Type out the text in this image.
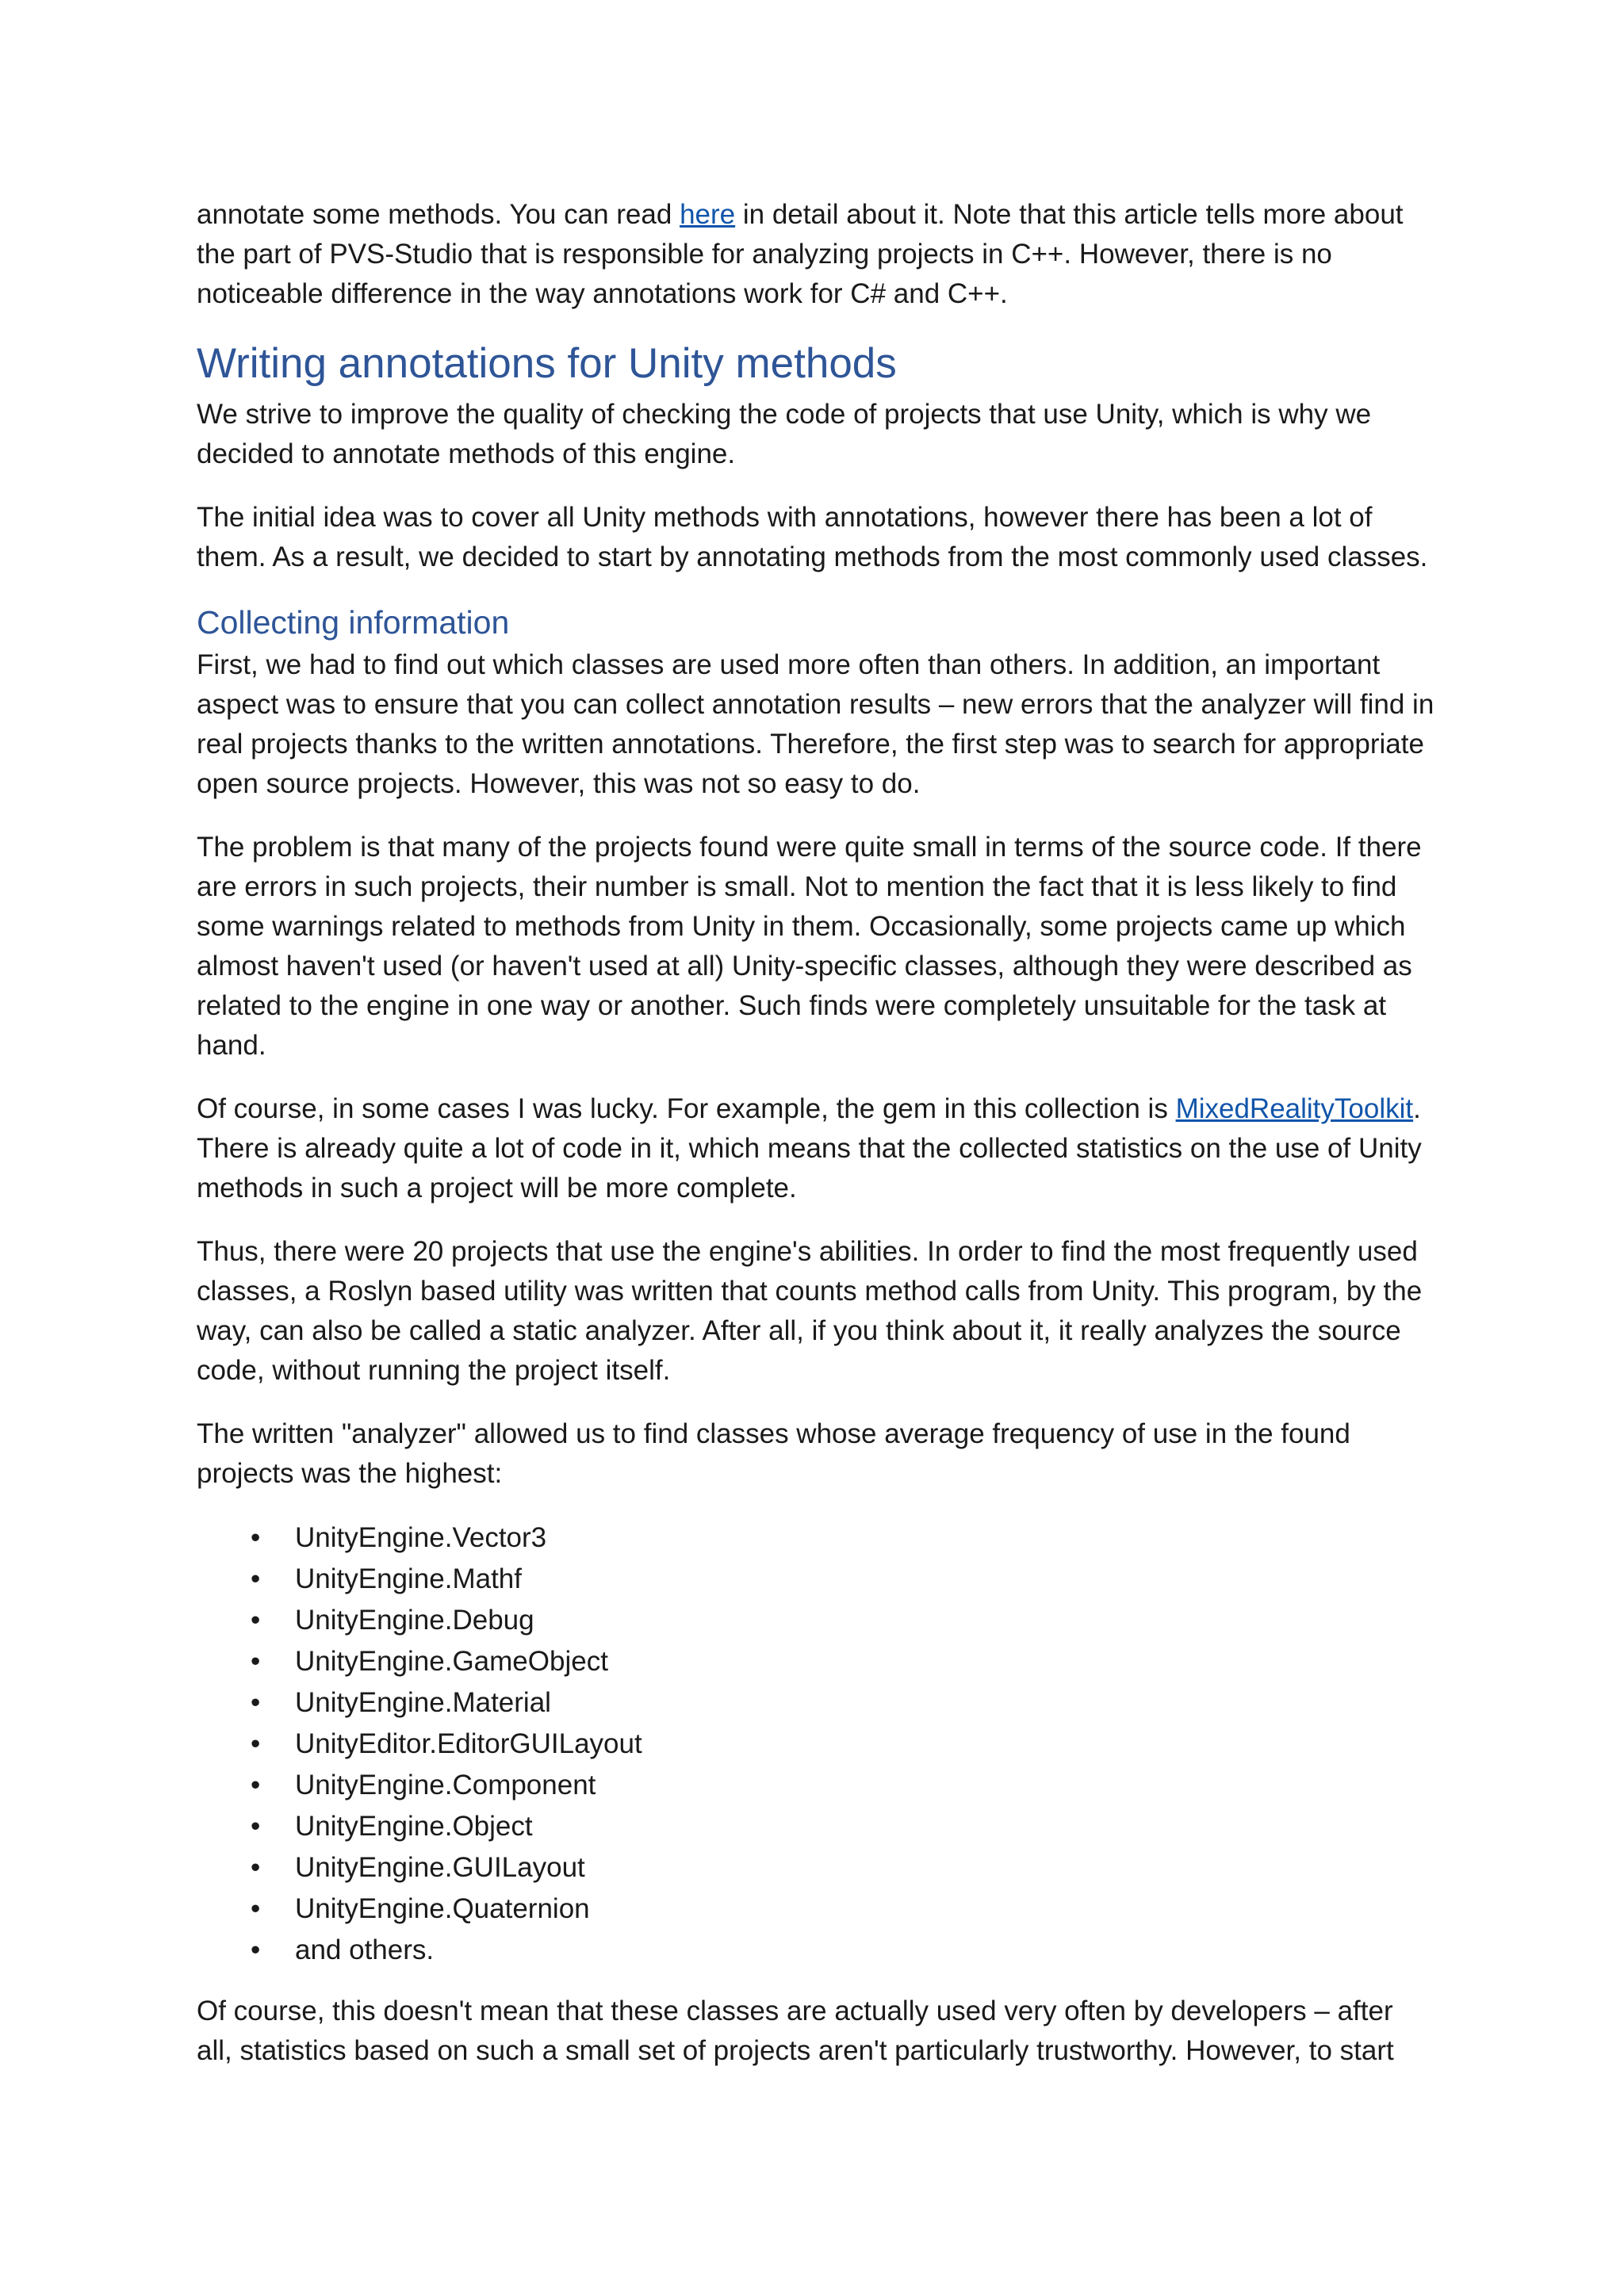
annotate some methods. You can read here in detail about it. Note that this article tells more about the part of PVS-Studio that is responsible for analyzing projects in C++. However, there is no noticeable difference in the way annotations work for C# and C++.

Writing annotations for Unity methods

We strive to improve the quality of checking the code of projects that use Unity, which is why we decided to annotate methods of this engine.

The initial idea was to cover all Unity methods with annotations, however there has been a lot of them. As a result, we decided to start by annotating methods from the most commonly used classes.

Collecting information

First, we had to find out which classes are used more often than others. In addition, an important aspect was to ensure that you can collect annotation results – new errors that the analyzer will find in real projects thanks to the written annotations. Therefore, the first step was to search for appropriate open source projects. However, this was not so easy to do.

The problem is that many of the projects found were quite small in terms of the source code. If there are errors in such projects, their number is small. Not to mention the fact that it is less likely to find some warnings related to methods from Unity in them. Occasionally, some projects came up which almost haven't used (or haven't used at all) Unity-specific classes, although they were described as related to the engine in one way or another. Such finds were completely unsuitable for the task at hand.

Of course, in some cases I was lucky. For example, the gem in this collection is MixedRealityToolkit. There is already quite a lot of code in it, which means that the collected statistics on the use of Unity methods in such a project will be more complete.

Thus, there were 20 projects that use the engine's abilities. In order to find the most frequently used classes, a Roslyn based utility was written that counts method calls from Unity. This program, by the way, can also be called a static analyzer. After all, if you think about it, it really analyzes the source code, without running the project itself.

The written "analyzer" allowed us to find classes whose average frequency of use in the found projects was the highest:

• UnityEngine.Vector3
• UnityEngine.Mathf
• UnityEngine.Debug
• UnityEngine.GameObject
• UnityEngine.Material
• UnityEditor.EditorGUILayout
• UnityEngine.Component
• UnityEngine.Object
• UnityEngine.GUILayout
• UnityEngine.Quaternion
• and others.

Of course, this doesn't mean that these classes are actually used very often by developers – after all, statistics based on such a small set of projects aren't particularly trustworthy. However, to start
